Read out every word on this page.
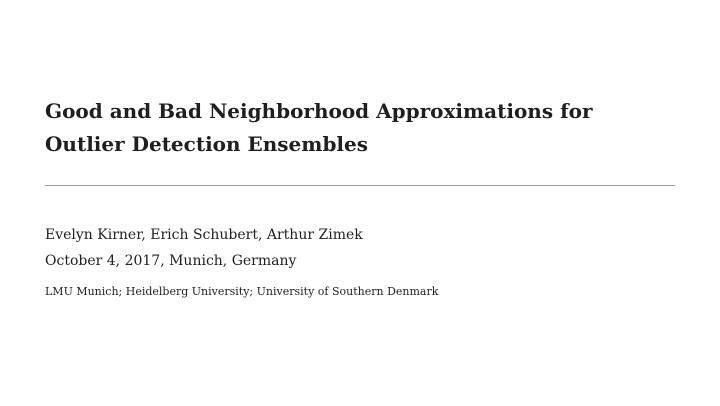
Good and Bad Neighborhood Approximations for Outlier Detection Ensembles
Evelyn Kirner, Erich Schubert, Arthur Zimek
October 4, 2017, Munich, Germany
LMU Munich; Heidelberg University; University of Southern Denmark
